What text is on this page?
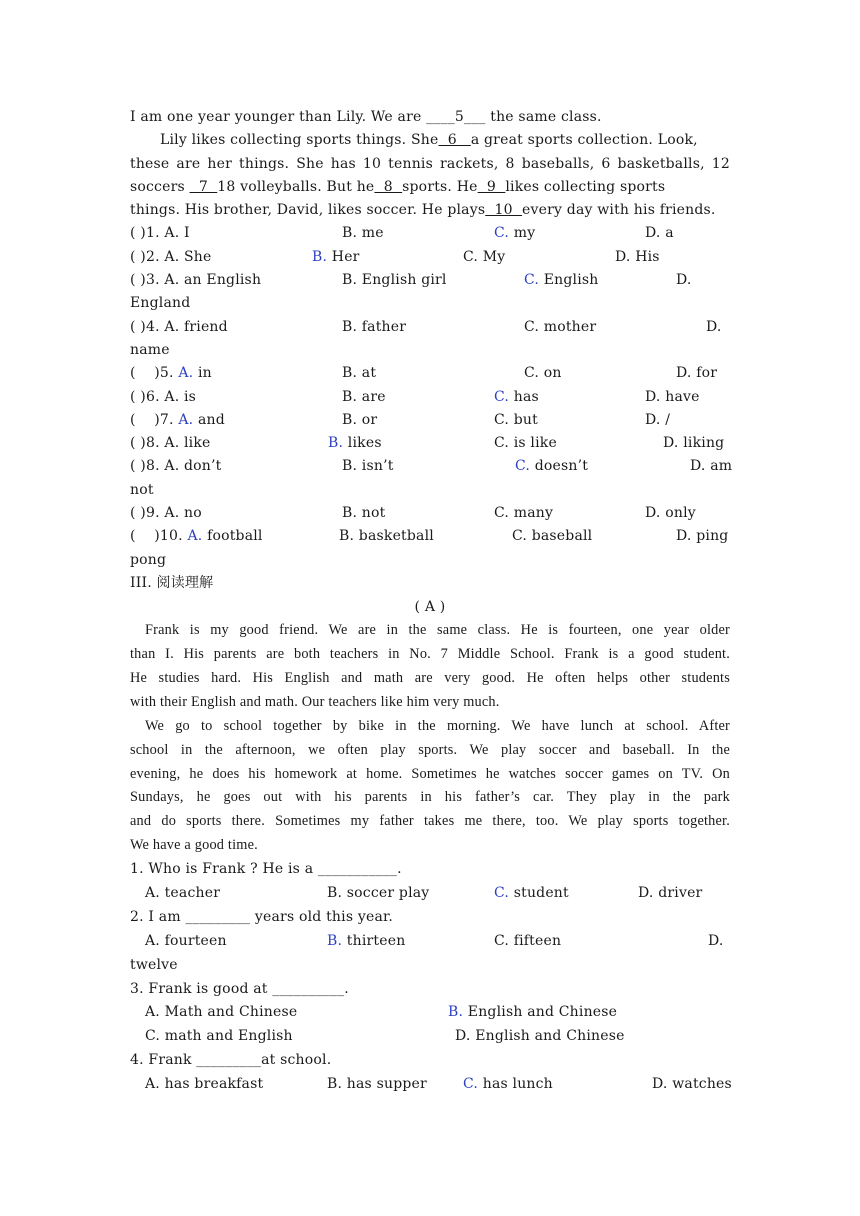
I am one year younger than Lily. We are ____5___ the same class.
Lily likes collecting sports things. She  6   a great sports collection. Look,
these are her things. She has 10 tennis rackets, 8 baseballs, 6 basketballs, 12
soccers   7  18 volleyballs. But he  8  sports. He  9  likes collecting sports
things. His brother, David, likes soccer. He plays  10  every day with his friends.
( )1. A. I	B. me	C. my	D. a
( )2. A. She	B. Her	C. My	D. His
( )3. A. an English	B. English girl	C. English	D.
England
( )4. A. friend	B. father	C. mother	D.
name
(    )5. A. in	B. at	C. on	D. for
( )6. A. is	B. are	C. has	D. have
(    )7. A. and	B. or	C. but	D. /
( )8. A. like	B. likes	C. is like	D. liking
( )8. A. don’t	B. isn’t	C. doesn’t	D. am
not
( )9. A. no	B. not	C. many	D. only
(    )10. A. football	B. basketball	C. baseball	D. ping
pong
III. 阅读理解
( A )
Frank is my good friend. We are in the same class. He is fourteen, one year older
than I. His parents are both teachers in No. 7 Middle School. Frank is a good student.
He studies hard. His English and math are very good. He often helps other students
with their English and math. Our teachers like him very much.
We go to school together by bike in the morning. We have lunch at school. After
school in the afternoon, we often play sports. We play soccer and baseball. In the
evening, he does his homework at home. Sometimes he watches soccer games on TV. On
Sundays, he goes out with his parents in his father’s car. They play in the park
and do sports there. Sometimes my father takes me there, too. We play sports together.
We have a good time.
1. Who is Frank ? He is a ___________.
A. teacher	B. soccer play	C. student	D. driver
2. I am _________ years old this year.
A. fourteen	B. thirteen	C. fifteen	D.
twelve
3. Frank is good at __________.
A. Math and Chinese	B. English and Chinese
C. math and English	D. English and Chinese
4. Frank _________at school.
A. has breakfast	B. has supper	C. has lunch	D. watches
